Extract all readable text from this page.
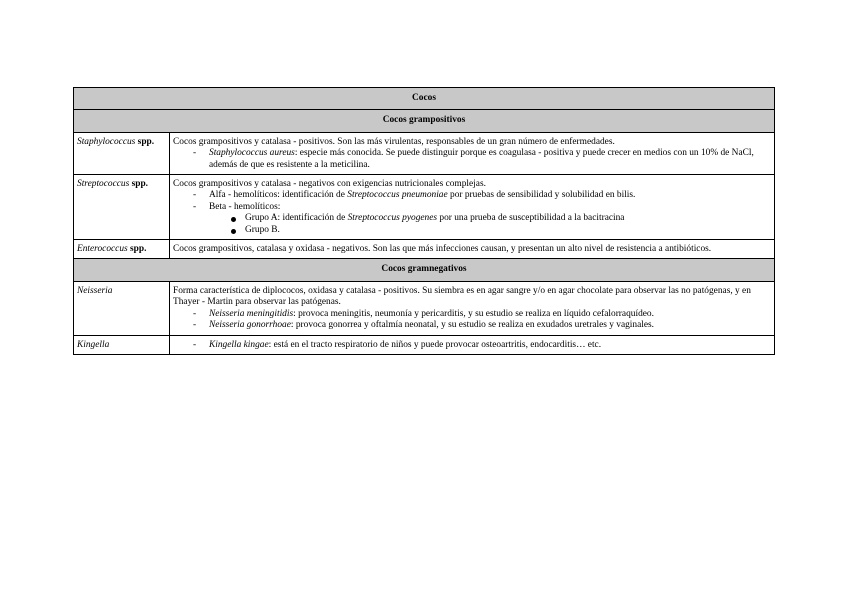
Cocos	
Cocos grampositivos	
Staphylococcus spp.	Cocos grampositivos y catalasa - positivos. Son las más virulentas, responsables de un gran número de enfermedades.
- Staphylococcus aureus: especie más conocida. Se puede distinguir porque es coagulasa - positiva y puede crecer en medios con un 10% de NaCl, además de que es resistente a la meticilina.

Streptococcus spp.	Cocos grampositivos y catalasa - negativos con exigencias nutricionales complejas.
- Alfa - hemolíticos: identificación de Streptococcus pneumoniae por pruebas de sensibilidad y solubilidad en bilis.
- Beta - hemolíticos:
Grupo A: identificación de Streptococcus pyogenes por una prueba de susceptibilidad a la bacitracina
Grupo B.

Enterococcus spp.	Cocos grampositivos, catalasa y oxidasa - negativos. Son las que más infecciones causan, y presentan un alto nivel de resistencia a antibióticos.

Cocos gramnegativos	
Neisseria	Forma característica de diplococos, oxidasa y catalasa - positivos. Su siembra es en agar sangre y/o en agar chocolate para observar las no patógenas, y en Thayer - Martin para observar las patógenas.
- Neisseria meningitidis: provoca meningitis, neumonía y pericarditis, y su estudio se realiza en líquido cefalorraquídeo.
- Neisseria gonorrhoae: provoca gonorrea y oftalmía neonatal, y su estudio se realiza en exudados uretrales y vaginales.

Kingella	- Kingella kingae: está en el tracto respiratorio de niños y puede provocar osteoartritis, endocarditis… etc.
